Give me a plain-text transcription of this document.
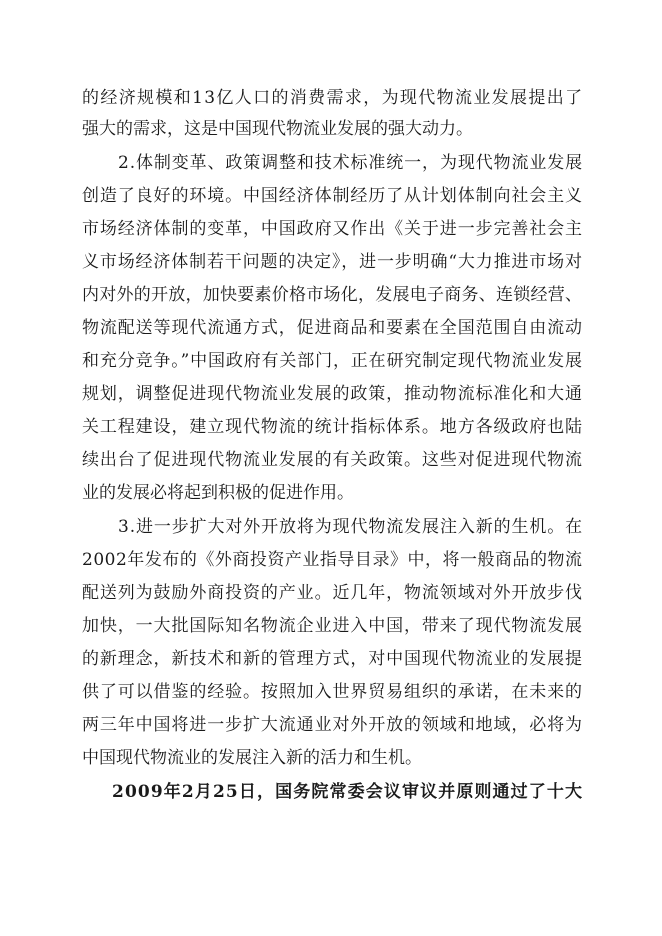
的经济规模和13亿人口的消费需求，为现代物流业发展提出了
强大的需求，这是中国现代物流业发展的强大动力。
2.体制变革、政策调整和技术标准统一，为现代物流业发展
创造了良好的环境。中国经济体制经历了从计划体制向社会主义
市场经济体制的变革，中国政府又作出《关于进一步完善社会主
义市场经济体制若干问题的决定》，进一步明确“大力推进市场对
内对外的开放，加快要素价格市场化，发展电子商务、连锁经营、
物流配送等现代流通方式，促进商品和要素在全国范围自由流动
和充分竞争。”中国政府有关部门，正在研究制定现代物流业发展
规划，调整促进现代物流业发展的政策，推动物流标准化和大通
关工程建设，建立现代物流的统计指标体系。地方各级政府也陆
续出台了促进现代物流业发展的有关政策。这些对促进现代物流
业的发展必将起到积极的促进作用。
3.进一步扩大对外开放将为现代物流发展注入新的生机。在
2002年发布的《外商投资产业指导目录》中，将一般商品的物流
配送列为鼓励外商投资的产业。近几年，物流领域对外开放步伐
加快，一大批国际知名物流企业进入中国，带来了现代物流发展
的新理念，新技术和新的管理方式，对中国现代物流业的发展提
供了可以借鉴的经验。按照加入世界贸易组织的承诺，在未来的
两三年中国将进一步扩大流通业对外开放的领域和地域，必将为
中国现代物流业的发展注入新的活力和生机。
2009年2月25日，国务院常委会议审议并原则通过了十大
